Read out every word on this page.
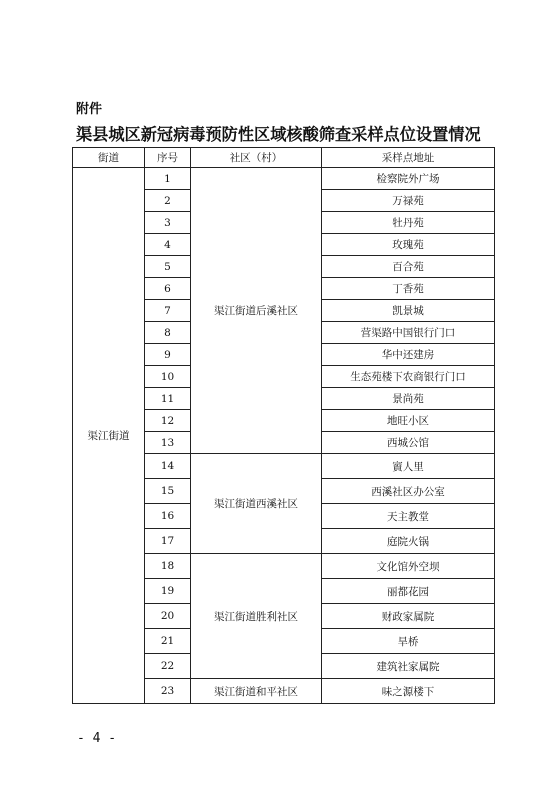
附件
渠县城区新冠病毒预防性区域核酸筛查采样点位设置情况
街道	序号	社区（村）	采样点地址
渠江街道	1	渠江街道后溪社区	检察院外广场
	2		万禄苑
	3		牡丹苑
	4		玫瑰苑
	5		百合苑
	6		丁香苑
	7		凯景城
	8		营渠路中国银行门口
	9		华中还建房
	10		生态苑楼下农商银行门口
	11		景尚苑
	12		地旺小区
	13		西城公馆
	14	渠江街道西溪社区	賨人里
	15		西溪社区办公室
	16		天主教堂
	17		庭院火锅
	18	渠江街道胜利社区	文化馆外空坝
	19		丽都花园
	20		财政家属院
	21		旱桥
	22		建筑社家属院
	23	渠江街道和平社区	味之源楼下
- 4 -
